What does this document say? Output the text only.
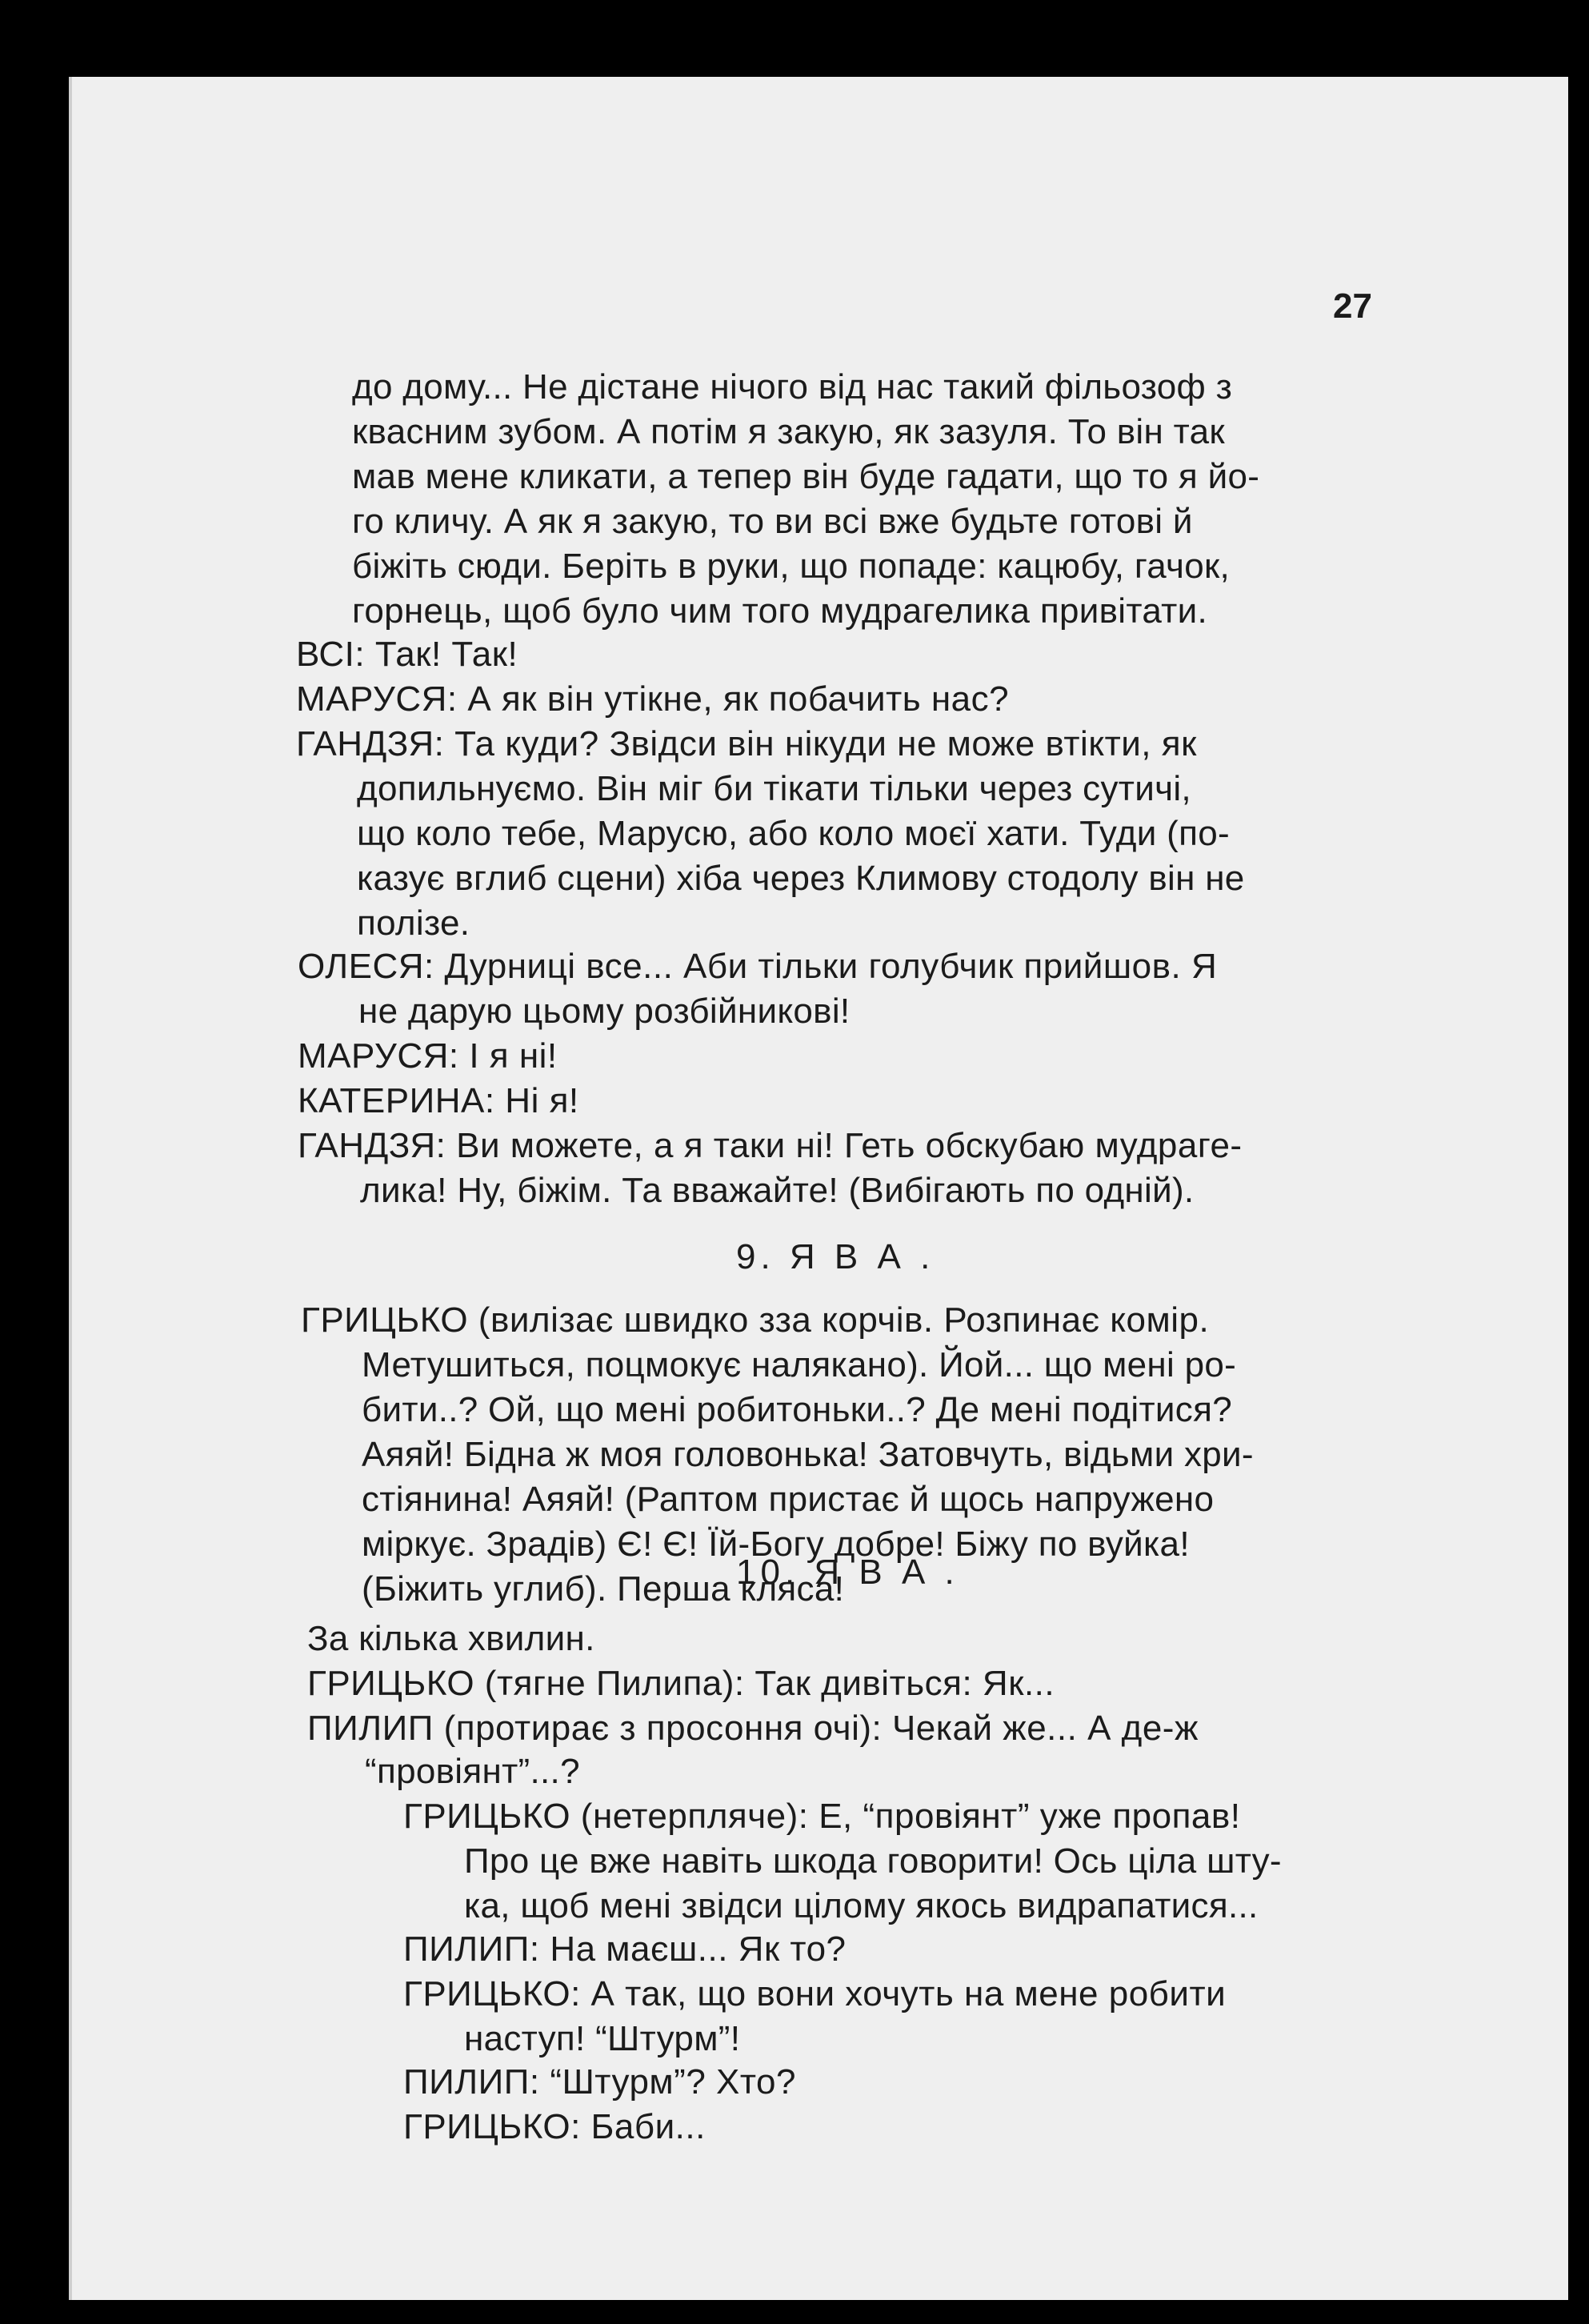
27
до дому... Не дістане нічого від нас такий фільозоф з
квасним зубом. А потім я закую, як зазуля. То він так
мав мене кликати, а тепер він буде гадати, що то я йо-
го кличу. А як я закую, то ви всі вже будьте готові й
біжіть сюди. Беріть в руки, що попаде: кацюбу, гачок,
горнець, щоб було чим того мудрагелика привітати.
ВСІ: Так! Так!
МАРУСЯ: А як він утікне, як побачить нас?
ГАНДЗЯ: Та куди? Звідси він нікуди не може втікти, як
допильнуємо. Він міг би тікати тільки через сутичі,
що коло тебе, Марусю, або коло моєї хати. Туди (по-
казує вглиб сцени) хіба через Климову стодолу він не
полізе.
ОЛЕСЯ: Дурниці все... Аби тільки голубчик прийшов. Я
не дарую цьому розбійникові!
МАРУСЯ: І я ні!
КАТЕРИНА: Ні я!
ГАНДЗЯ: Ви можете, а я таки ні! Геть обскубаю мудраге-
лика! Ну, біжім. Та вважайте! (Вибігають по одній).
9. Я В А .
ГРИЦЬКО (вилізає швидко зза корчів. Розпинає комір.
Метушиться, поцмокує налякано). Йой... що мені ро-
бити..? Ой, що мені робитоньки..? Де мені подітися?
Аяяй! Бідна ж моя головонька! Затовчуть, відьми хри-
стіянина! Аяяй! (Раптом пристає й щось напружено
міркує. Зрадів) Є! Є! Їй-Богу добре! Біжу по вуйка!
(Біжить углиб). Перша кляса!
10. Я В А .
За кілька хвилин.
ГРИЦЬКО (тягне Пилипа): Так дивіться: Як...
ПИЛИП (протирає з просоння очі): Чекай же... А де-ж
“провіянт”...?
ГРИЦЬКО (нетерпляче): Е, “провіянт” уже пропав!
Про це вже навіть шкода говорити! Ось ціла шту-
ка, щоб мені звідси цілому якось видрапатися...
ПИЛИП: На маєш... Як то?
ГРИЦЬКО: А так, що вони хочуть на мене робити
наступ! “Штурм”!
ПИЛИП: “Штурм”? Хто?
ГРИЦЬКО: Баби...
